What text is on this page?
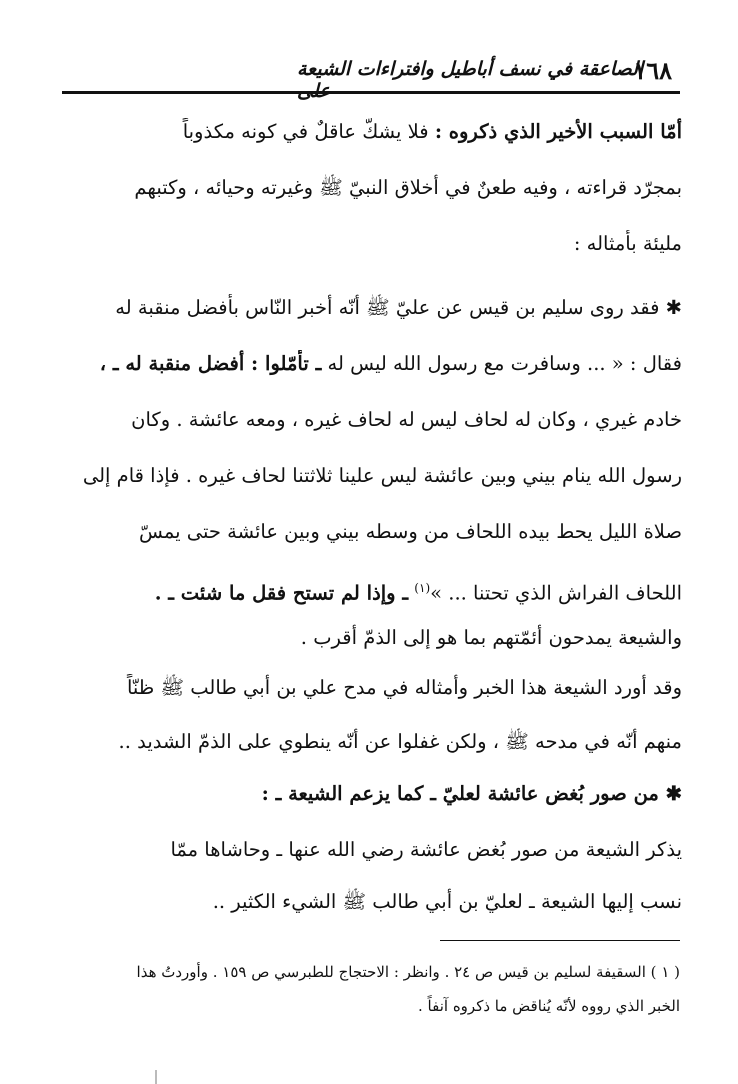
١٦٨
الصاعقة في نسف أباطيل وافتراءات الشيعة على
أمّا السبب الأخير الذي ذكروه : فلا يشكّ عاقلٌ في كونه مكذوباً
بمجرّد قراءته ، وفيه طعنٌ في أخلاق النبيّ ﷺ وغيرته وحيائه ، وكتبهم
مليئة بأمثاله :
✱ فقد روى سليم بن قيس عن عليّ ﷺ أنّه أخبر النّاس بأفضل منقبة له
فقال : « ... وسافرت مع رسول الله ليس له ـ تأمّلوا : أفضل منقبة له ـ ،
خادم غيري ، وكان له لحاف ليس له لحاف غيره ، ومعه عائشة . وكان
رسول الله ينام بيني وبين عائشة ليس علينا ثلاثتنا لحاف غيره . فإذا قام إلى
صلاة الليل يحط بيده اللحاف من وسطه بيني وبين عائشة حتى يمسّ
اللحاف الفراش الذي تحتنا ... »$^{(١)}$ ـ وإذا لم تستح فقل ما شئت ـ .
والشيعة يمدحون أئمّتهم بما هو إلى الذمّ أقرب .
وقد أورد الشيعة هذا الخبر وأمثاله في مدح علي بن أبي طالب ﷺ ظنّاً
منهم أنّه في مدحه ﷺ ، ولكن غفلوا عن أنّه ينطوي على الذمّ الشديد ..
✱ من صور بُغض عائشة لعليّ ـ كما يزعم الشيعة ـ :
يذكر الشيعة من صور بُغض عائشة رضي الله عنها ـ وحاشاها ممّا
نسب إليها الشيعة ـ لعليّ بن أبي طالب ﷺ الشيء الكثير ..
( ١ ) السقيفة لسليم بن قيس ص ٢٤ . وانظر : الاحتجاج للطبرسي ص ١٥٩ . وأوردتُ هذا
الخبر الذي رووه لأنّه يُناقض ما ذكروه آنفاً .
